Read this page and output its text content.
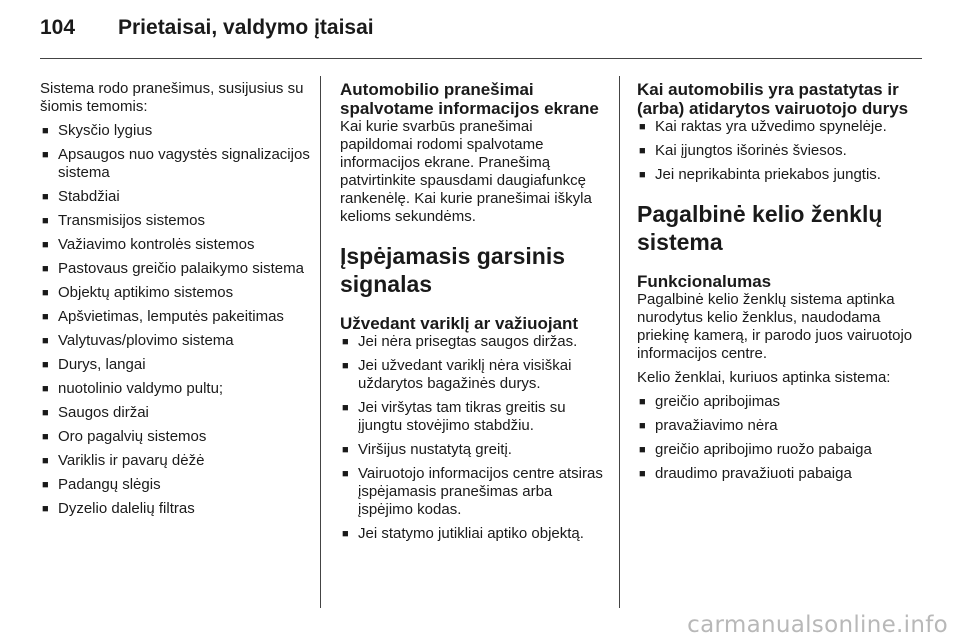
104 Prietaisai, valdymo įtaisai

Sistema rodo pranešimus, susijusius su šiomis temomis:

■ Skysčio lygius
■ Apsaugos nuo vagystės signalizacijos sistema
■ Stabdžiai
■ Transmisijos sistemos
■ Važiavimo kontrolės sistemos
■ Pastovaus greičio palaikymo sistema
■ Objektų aptikimo sistemos
■ Apšvietimas, lemputės pakeitimas
■ Valytuvas/plovimo sistema
■ Durys, langai
■ nuotolinio valdymo pultu;
■ Saugos diržai
■ Oro pagalvių sistemos
■ Variklis ir pavarų dėžė
■ Padangų slėgis
■ Dyzelio dalelių filtras

Automobilio pranešimai spalvotame informacijos ekrane

Kai kurie svarbūs pranešimai papildomai rodomi spalvotame informacijos ekrane. Pranešimą patvirtinkite spausdami daugiafunkcę rankenėlę. Kai kurie pranešimai iškyla kelioms sekundėms.

Įspėjamasis garsinis signalas

Užvedant variklį ar važiuojant

■ Jei nėra prisegtas saugos diržas.
■ Jei užvedant variklį nėra visiškai uždarytos bagažinės durys.
■ Jei viršytas tam tikras greitis su įjungtu stovėjimo stabdžiu.
■ Viršijus nustatytą greitį.
■ Vairuotojo informacijos centre atsiras įspėjamasis pranešimas arba įspėjimo kodas.
■ Jei statymo jutikliai aptiko objektą.

Kai automobilis yra pastatytas ir (arba) atidarytos vairuotojo durys

■ Kai raktas yra užvedimo spynelėje.
■ Kai įjungtos išorinės šviesos.
■ Jei neprikabinta priekabos jungtis.

Pagalbinė kelio ženklų sistema

Funkcionalumas

Pagalbinė kelio ženklų sistema aptinka nurodytus kelio ženklus, naudodama priekinę kamerą, ir parodo juos vairuotojo informacijos centre.

Kelio ženklai, kuriuos aptinka sistema:

■ greičio apribojimas
■ pravažiavimo nėra
■ greičio apribojimo ruožo pabaiga
■ draudimo pravažiuoti pabaiga
carmanualsonline.info
